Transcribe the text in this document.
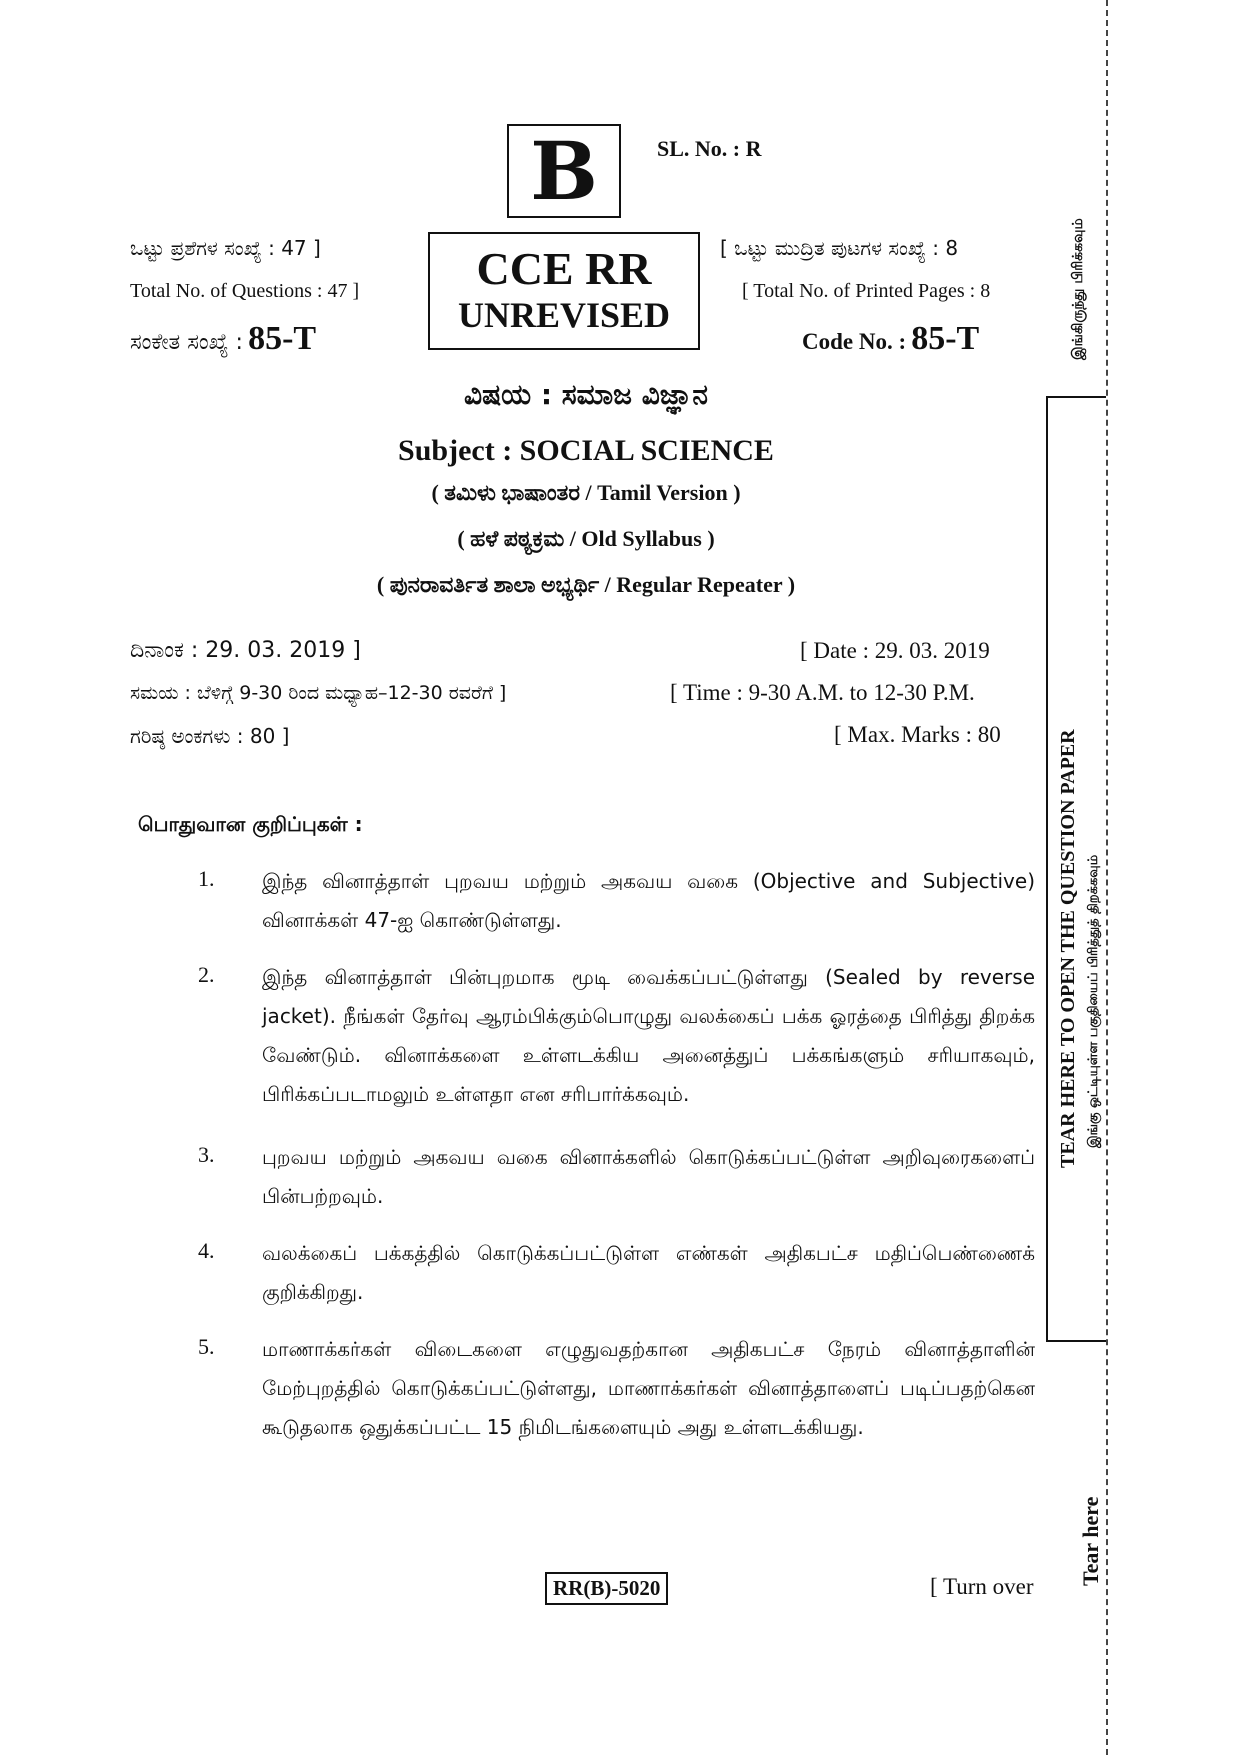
B	SL. No. : R
CCE RR
UNREVISED
ಒಟ್ಟು ಪ್ರಶೆಗಳ ಸಂಖ್ಯೆ : 47 ]
Total No. of Questions : 47 ]
ಸಂಕೇತ ಸಂಖ್ಯೆ : 85-T
[ ಒಟ್ಟು ಮುದ್ರಿತ ಪುಟಗಳ ಸಂಖ್ಯೆ : 8
[ Total No. of Printed Pages : 8
Code No. : 85-T
ವಿಷಯ : ಸಮಾಜ ವಿಜ್ಞಾನ
Subject : SOCIAL SCIENCE
( ತಮಿಳು ಭಾಷಾಂತರ / Tamil Version )
( ಹಳೆ ಪಠ್ಯಕ್ರಮ / Old Syllabus )
( ಪುನರಾವರ್ತಿತ ಶಾಲಾ ಅಭ್ಯರ್ಥಿ / Regular Repeater )
ದಿನಾಂಕ : 29. 03. 2019 ]	[ Date : 29. 03. 2019
ಸಮಯ : ಬೆಳಿಗ್ಗೆ 9-30 ರಿಂದ ಮಧ್ಯಾಹ–12-30 ರವರೆಗೆ ]	[ Time : 9-30 A.M. to 12-30 P.M.
ಗರಿಷ್ಠ ಅಂಕಗಳು : 80 ]	[ Max. Marks : 80
பொதுவான குறிப்புகள் :
1. இந்த வினாத்தாள் புறவய மற்றும் அகவய வகை (Objective and Subjective) வினாக்கள் 47-ஐ கொண்டுள்ளது.
2. இந்த வினாத்தாள் பின்புறமாக மூடி வைக்கப்பட்டுள்ளது (Sealed by reverse jacket). நீங்கள் தேர்வு ஆரம்பிக்கும்பொழுது வலக்கைப் பக்க ஓரத்தை பிரித்து திறக்க வேண்டும். வினாக்களை உள்ளடக்கிய அனைத்துப் பக்கங்களும் சரியாகவும், பிரிக்கப்படாமலும் உள்ளதா என சரிபார்க்கவும்.
3. புறவய மற்றும் அகவய வகை வினாக்களில் கொடுக்கப்பட்டுள்ள அறிவுரைகளைப் பின்பற்றவும்.
4. வலக்கைப் பக்கத்தில் கொடுக்கப்பட்டுள்ள எண்கள் அதிகபட்ச மதிப்பெண்ணைக் குறிக்கிறது.
5. மாணாக்கர்கள் விடைகளை எழுதுவதற்கான அதிகபட்ச நேரம் வினாத்தாளின் மேற்புறத்தில் கொடுக்கப்பட்டுள்ளது, மாணாக்கர்கள் வினாத்தாளைப் படிப்பதற்கென கூடுதலாக ஒதுக்கப்பட்ட 15 நிமிடங்களையும் அது உள்ளடக்கியது.
RR(B)-5020	[ Turn over
இங்கிருந்து பிரிக்கவும்
TEAR HERE TO OPEN THE QUESTION PAPER இங்கு ஒட்டியுள்ள பகுதியைப் பிரித்துத் திறக்கவும்
Tear here
